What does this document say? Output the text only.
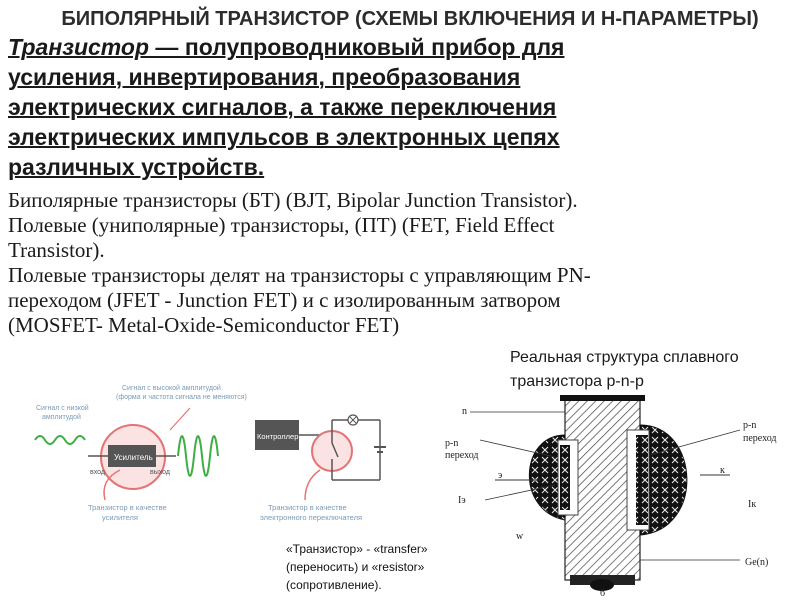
БИПОЛЯРНЫЙ ТРАНЗИСТОР (СХЕМЫ ВКЛЮЧЕНИЯ И Н-ПАРАМЕТРЫ)
Транзистор — полупроводниковый прибор для
усиления, инвертирования, преобразования
электрических сигналов, а также переключения
электрических импульсов в электронных цепях
различных устройств.
Биполярные транзисторы (БТ) (BJT, Bipolar Junction Transistor).
Полевые (униполярные) транзисторы, (ПТ) (FET, Field Effect
Transistor).
Полевые транзисторы делят на транзисторы с управляющим PN-
переходом (JFET - Junction FET) и с изолированным затвором
(MOSFET- Metal-Oxide-Semiconductor FET)
Реальная структура сплавного
транзистора p-n-p
Сигнал с высокой амплитудой
(форма и частота сигнала не меняются)
Сигнал с низкой
амплитудой
Усилитель
вход	выход
Транзистор в качестве
усилителя
Контроллер
Транзистор в качестве
электронного переключателя
n
p-n
переход
p-n
переход
э	к
Iэ	Iк
w
Ge(n)
б
«Транзистор» - «transfer»
(переносить) и «resistor»
(сопротивление).
